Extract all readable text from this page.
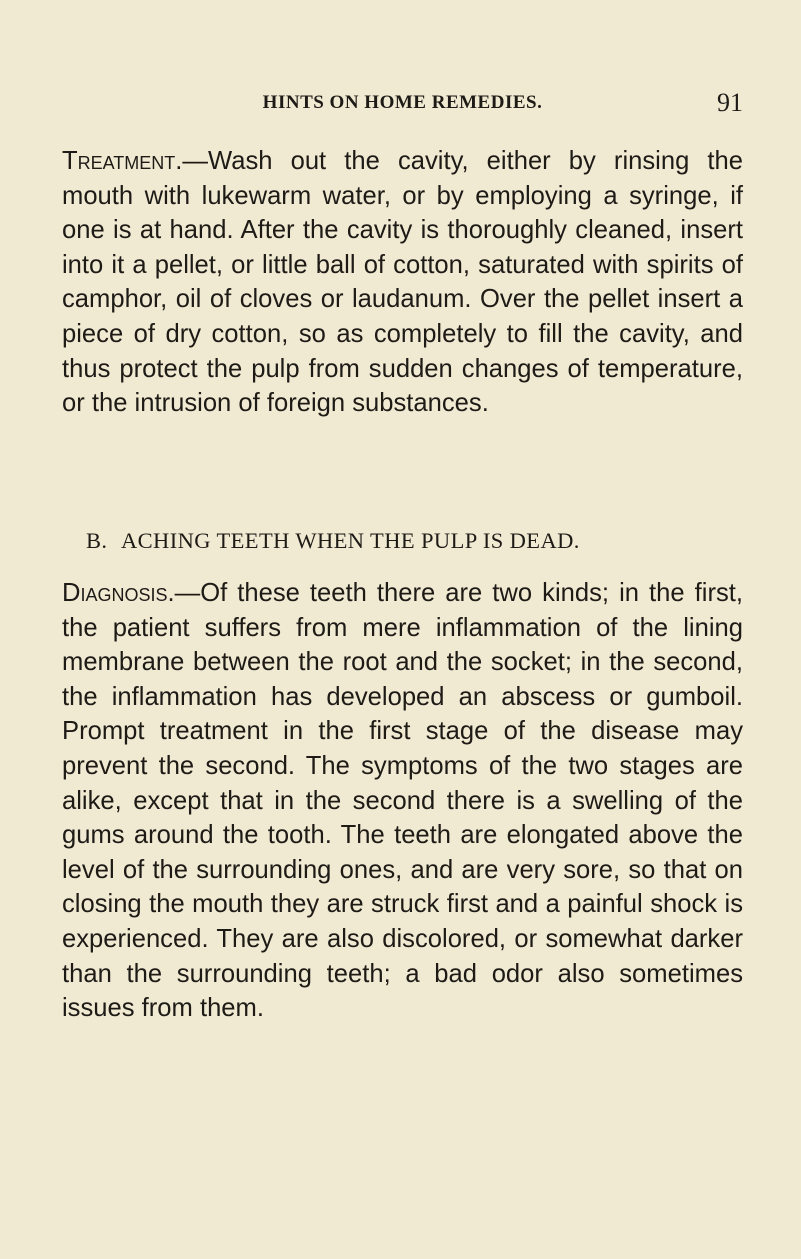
HINTS ON HOME REMEDIES.	91

Treatment.—Wash out the cavity, either by rinsing the mouth with lukewarm water, or by employing a syringe, if one is at hand. After the cavity is thoroughly cleaned, insert into it a pellet, or little ball of cotton, saturated with spirits of camphor, oil of cloves or laudanum. Over the pellet insert a piece of dry cotton, so as completely to fill the cavity, and thus protect the pulp from sudden changes of temperature, or the intrusion of foreign substances.

B. ACHING TEETH WHEN THE PULP IS DEAD.

Diagnosis.—Of these teeth there are two kinds; in the first, the patient suffers from mere inflammation of the lining membrane between the root and the socket; in the second, the inflammation has developed an abscess or gumboil. Prompt treatment in the first stage of the disease may prevent the second. The symptoms of the two stages are alike, except that in the second there is a swelling of the gums around the tooth. The teeth are elongated above the level of the surrounding ones, and are very sore, so that on closing the mouth they are struck first and a painful shock is experienced. They are also discolored, or somewhat darker than the surrounding teeth; a bad odor also sometimes issues from them.
